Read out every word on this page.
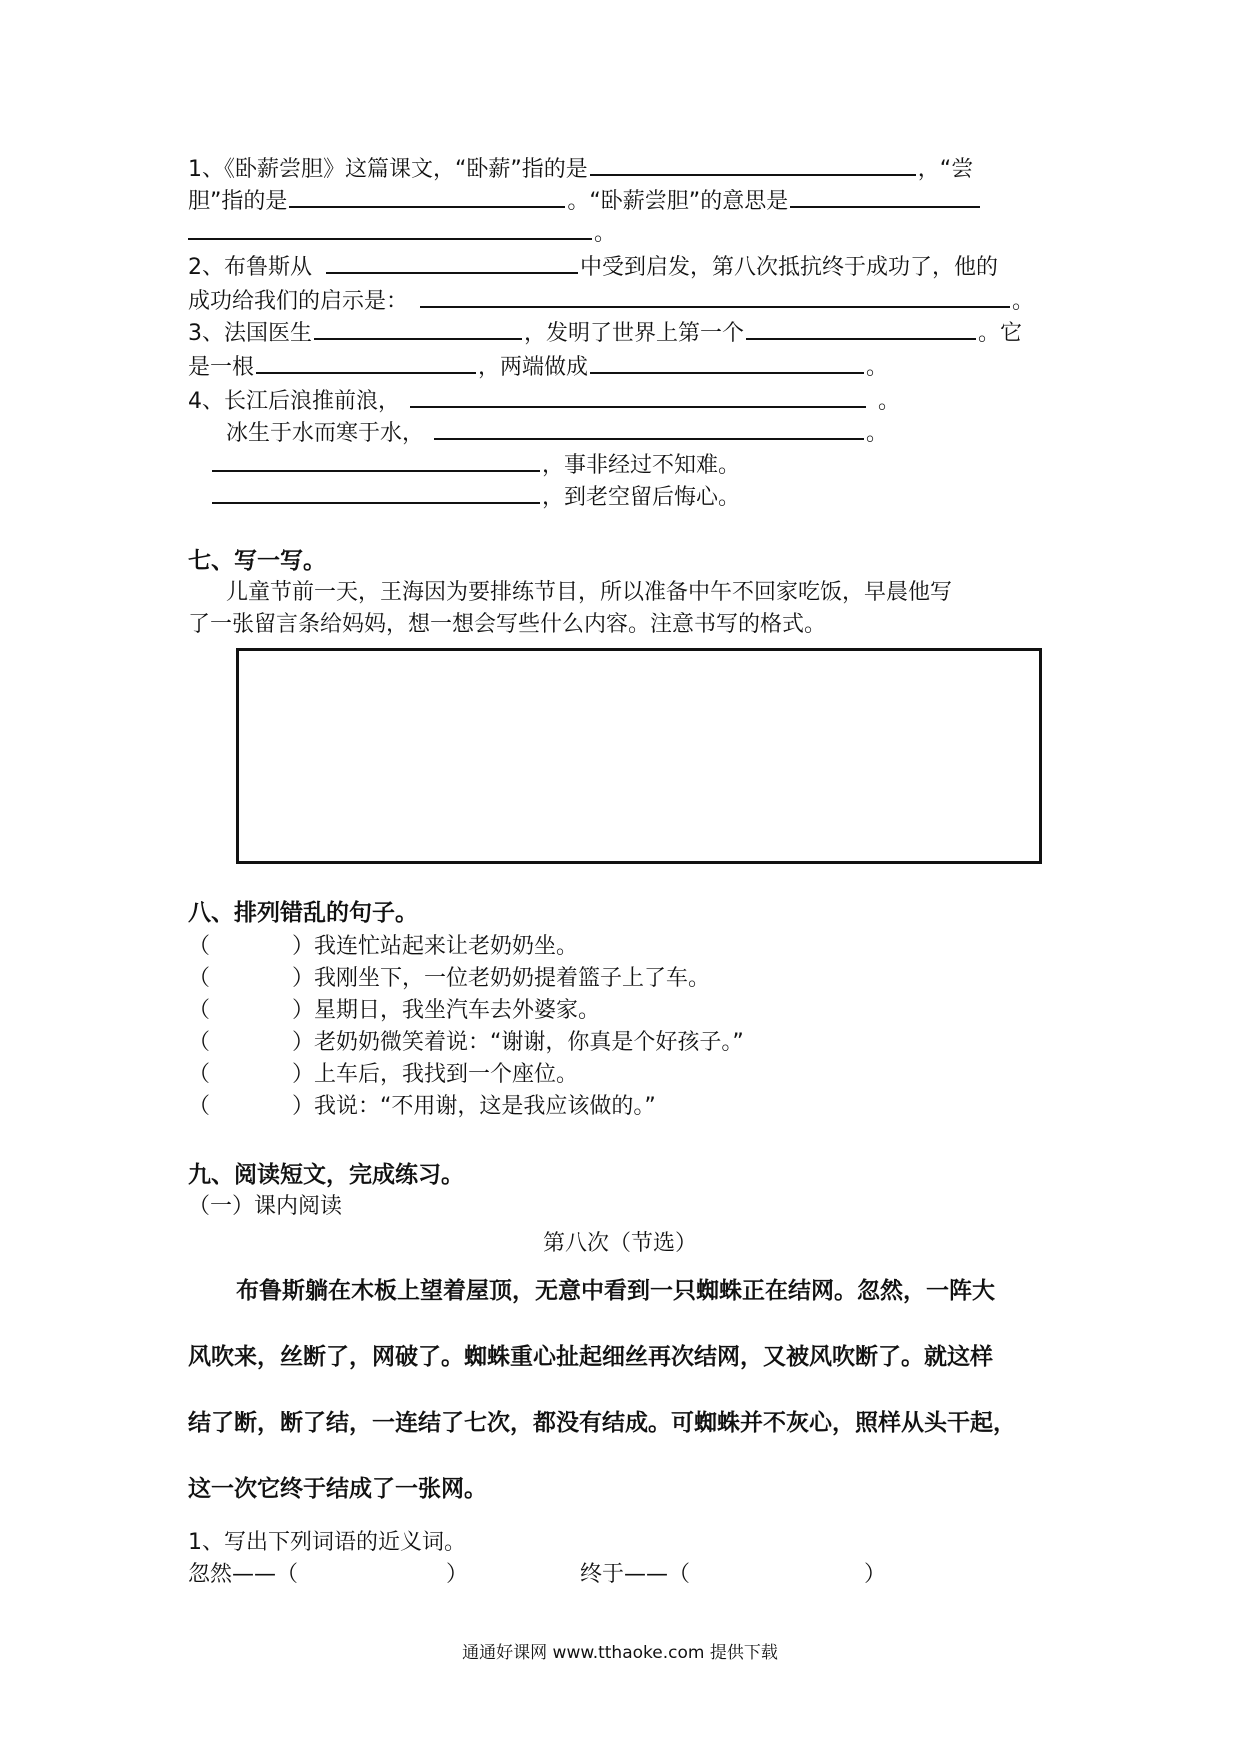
1、《卧薪尝胆》这篇课文，“卧薪”指的是	，“尝
胆”指的是	。“卧薪尝胆”的意思是
。
2、布鲁斯从	中受到启发，第八次抵抗终于成功了，他的
成功给我们的启示是：	。
3、法国医生	，发明了世界上第一个	。它
是一根	，两端做成	。
4、长江后浪推前浪，	。
冰生于水而寒于水，	。
，事非经过不知难。
，到老空留后悔心。
七、写一写。
儿童节前一天，王海因为要排练节目，所以准备中午不回家吃饭，早晨他写
了一张留言条给妈妈，想一想会写些什么内容。注意书写的格式。
八、排列错乱的句子。
（	）我连忙站起来让老奶奶坐。
（	）我刚坐下，一位老奶奶提着篮子上了车。
（	）星期日，我坐汽车去外婆家。
（	）老奶奶微笑着说：“谢谢，你真是个好孩子。”
（	）上车后，我找到一个座位。
（	）我说：“不用谢，这是我应该做的。”
九、阅读短文，完成练习。
（一）课内阅读
第八次（节选）
布鲁斯躺在木板上望着屋顶，无意中看到一只蜘蛛正在结网。忽然，一阵大
风吹来，丝断了，网破了。蜘蛛重心扯起细丝再次结网，又被风吹断了。就这样
结了断，断了结，一连结了七次，都没有结成。可蜘蛛并不灰心，照样从头干起，
这一次它终于结成了一张网。
1、写出下列词语的近义词。
忽然——（	）	终于——（	）
通通好课网 www.tthaoke.com 提供下载
